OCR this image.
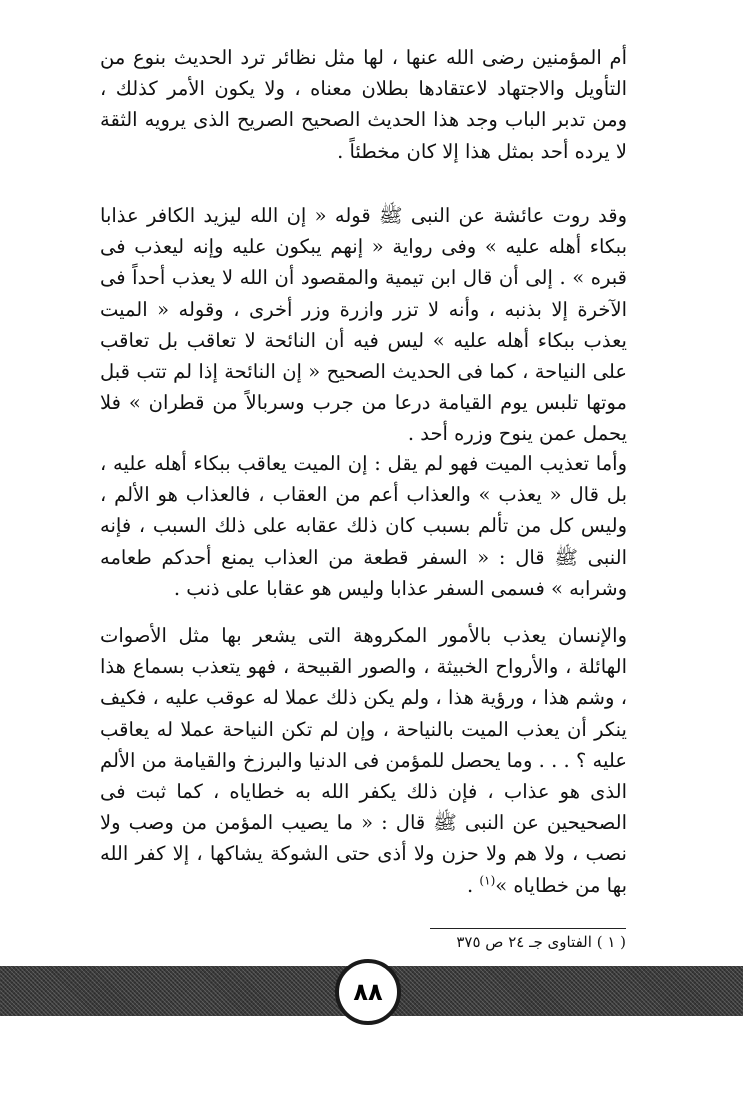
أم المؤمنين رضى الله عنها ، لها مثل نظائر ترد الحديث بنوع من التأويل والاجتهاد لاعتقادها بطلان معناه ، ولا يكون الأمر كذلك ، ومن تدبر الباب وجد هذا الحديث الصحيح الصريح الذى يرويه الثقة لا يرده أحد بمثل هذا إلا كان مخطئاً .

وقد روت عائشة عن النبى ﷺ قوله « إن الله ليزيد الكافر عذابا ببكاء أهله عليه » وفى رواية « إنهم يبكون عليه وإنه ليعذب فى قبره » . إلى أن قال ابن تيمية والمقصود أن الله لا يعذب أحداً فى الآخرة إلا بذنبه ، وأنه لا تزر وازرة وزر أخرى ، وقوله « الميت يعذب ببكاء أهله عليه » ليس فيه أن النائحة لا تعاقب بل تعاقب على النياحة ، كما فى الحديث الصحيح « إن النائحة إذا لم تتب قبل موتها تلبس يوم القيامة درعا من جرب وسربالاً من قطران » فلا يحمل عمن ينوح وزره أحد .

وأما تعذيب الميت فهو لم يقل : إن الميت يعاقب ببكاء أهله عليه ، بل قال « يعذب » والعذاب أعم من العقاب ، فالعذاب هو الألم ، وليس كل من تألم بسبب كان ذلك عقابه على ذلك السبب ، فإنه النبى ﷺ قال : « السفر قطعة من العذاب يمنع أحدكم طعامه وشرابه » فسمى السفر عذابا وليس هو عقابا على ذنب .

والإنسان يعذب بالأمور المكروهة التى يشعر بها مثل الأصوات الهائلة ، والأرواح الخبيثة ، والصور القبيحة ، فهو يتعذب بسماع هذا ، وشم هذا ، ورؤية هذا ، ولم يكن ذلك عملا له عوقب عليه ، فكيف ينكر أن يعذب الميت بالنياحة ، وإن لم تكن النياحة عملا له يعاقب عليه ؟ . . . وما يحصل للمؤمن فى الدنيا والبرزخ والقيامة من الألم الذى هو عذاب ، فإن ذلك يكفر الله به خطاياه ، كما ثبت فى الصحيحين عن النبى ﷺ قال : « ما يصيب المؤمن من وصب ولا نصب ، ولا هم ولا حزن ولا أذى حتى الشوكة يشاكها ، إلا كفر الله بها من خطاياه »$^{(١)}$ .

( ١ ) الفتاوى جـ ٢٤ ص ٣٧٥

٨٨
